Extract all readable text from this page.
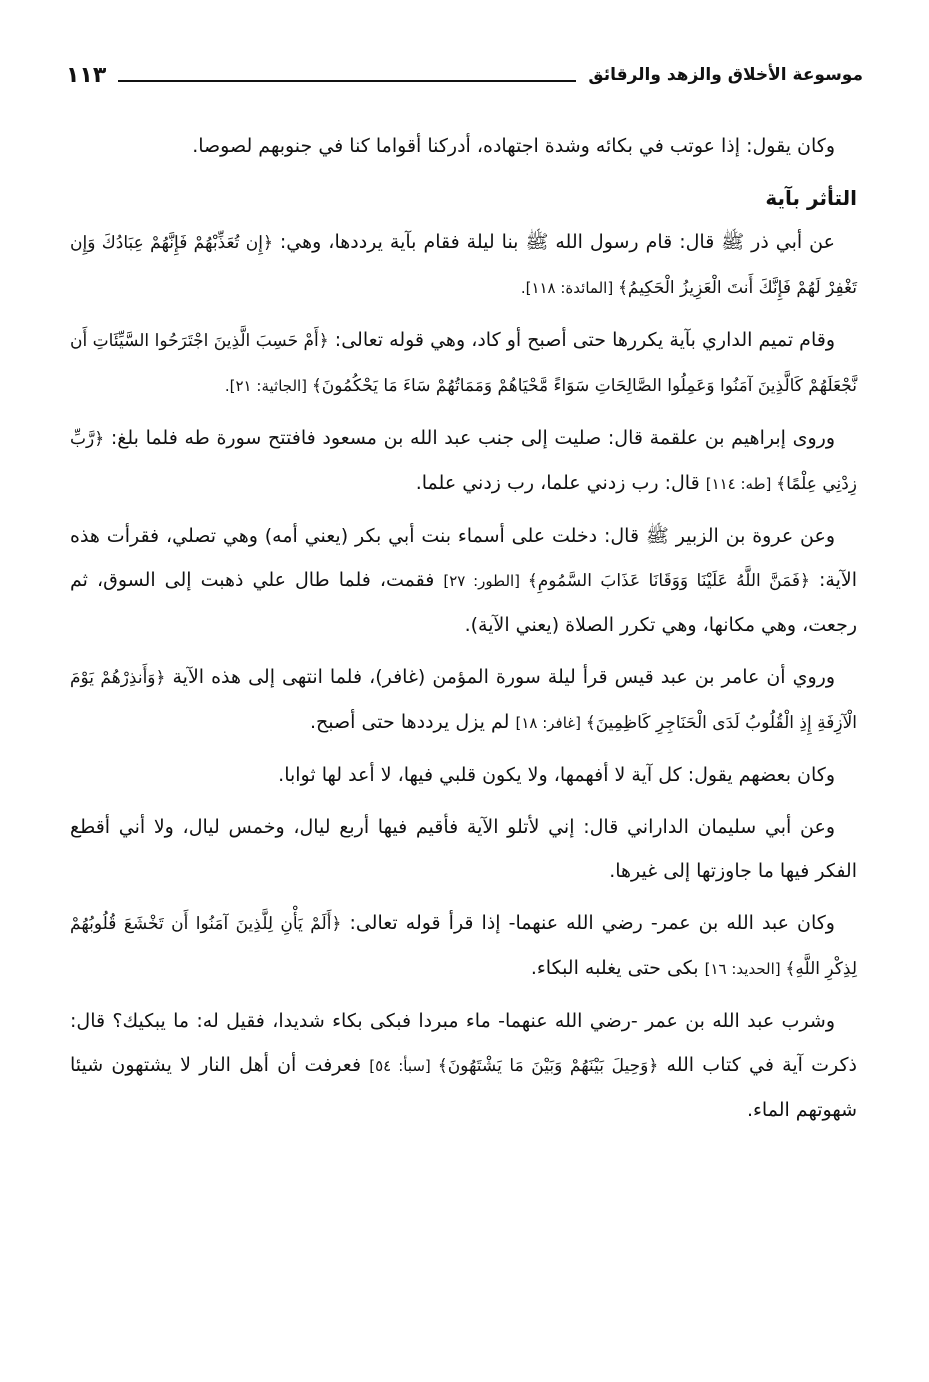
موسوعة الأخلاق والزهد والرقائق
١١٣

وكان يقول: إذا عوتب في بكائه وشدة اجتهاده، أدركنا أقواما كنا في جنوبهم لصوصا.

التأثر بآية

عن أبي ذر ﷺ قال: قام رسول الله ﷺ بنا ليلة فقام بآية يرددها، وهي: ﴿إِن تُعَذِّبْهُمْ فَإِنَّهُمْ عِبَادُكَ وَإِن تَغْفِرْ لَهُمْ فَإِنَّكَ أَنتَ الْعَزِيزُ الْحَكِيمُ﴾ [المائدة: ١١٨].

وقام تميم الداري بآية يكررها حتى أصبح أو كاد، وهي قوله تعالى: ﴿أَمْ حَسِبَ الَّذِينَ اجْتَرَحُوا السَّيِّئَاتِ أَن نَّجْعَلَهُمْ كَالَّذِينَ آمَنُوا وَعَمِلُوا الصَّالِحَاتِ سَوَاءً مَّحْيَاهُمْ وَمَمَاتُهُمْ سَاءَ مَا يَحْكُمُونَ﴾ [الجاثية: ٢١].

وروى إبراهيم بن علقمة قال: صليت إلى جنب عبد الله بن مسعود فافتتح سورة طه فلما بلغ: ﴿رَّبِّ زِدْنِي عِلْمًا﴾ [طه: ١١٤] قال: رب زدني علما، رب زدني علما.

وعن عروة بن الزبير ﷺ قال: دخلت على أسماء بنت أبي بكر (يعني أمه) وهي تصلي، فقرأت هذه الآية: ﴿فَمَنَّ اللَّهُ عَلَيْنَا وَوَقَانَا عَذَابَ السَّمُومِ﴾ [الطور: ٢٧] فقمت، فلما طال علي ذهبت إلى السوق، ثم رجعت، وهي مكانها، وهي تكرر الصلاة (يعني الآية).

وروي أن عامر بن عبد قيس قرأ ليلة سورة المؤمن (غافر)، فلما انتهى إلى هذه الآية ﴿وَأَنذِرْهُمْ يَوْمَ الْآزِفَةِ إِذِ الْقُلُوبُ لَدَى الْحَنَاجِرِ كَاظِمِينَ﴾ [غافر: ١٨] لم يزل يرددها حتى أصبح.

وكان بعضهم يقول: كل آية لا أفهمها، ولا يكون قلبي فيها، لا أعد لها ثوابا.

وعن أبي سليمان الداراني قال: إني لأتلو الآية فأقيم فيها أربع ليال، وخمس ليال، ولا أني أقطع الفكر فيها ما جاوزتها إلى غيرها.

وكان عبد الله بن عمر- رضي الله عنهما- إذا قرأ قوله تعالى: ﴿أَلَمْ يَأْنِ لِلَّذِينَ آمَنُوا أَن تَخْشَعَ قُلُوبُهُمْ لِذِكْرِ اللَّهِ﴾ [الحديد: ١٦] بكى حتى يغلبه البكاء.

وشرب عبد الله بن عمر -رضي الله عنهما- ماء مبردا فبكى بكاء شديدا، فقيل له: ما يبكيك؟ قال: ذكرت آية في كتاب الله ﴿وَحِيلَ بَيْنَهُمْ وَبَيْنَ مَا يَشْتَهُونَ﴾ [سبأ: ٥٤] فعرفت أن أهل النار لا يشتهون شيئا شهوتهم الماء.
